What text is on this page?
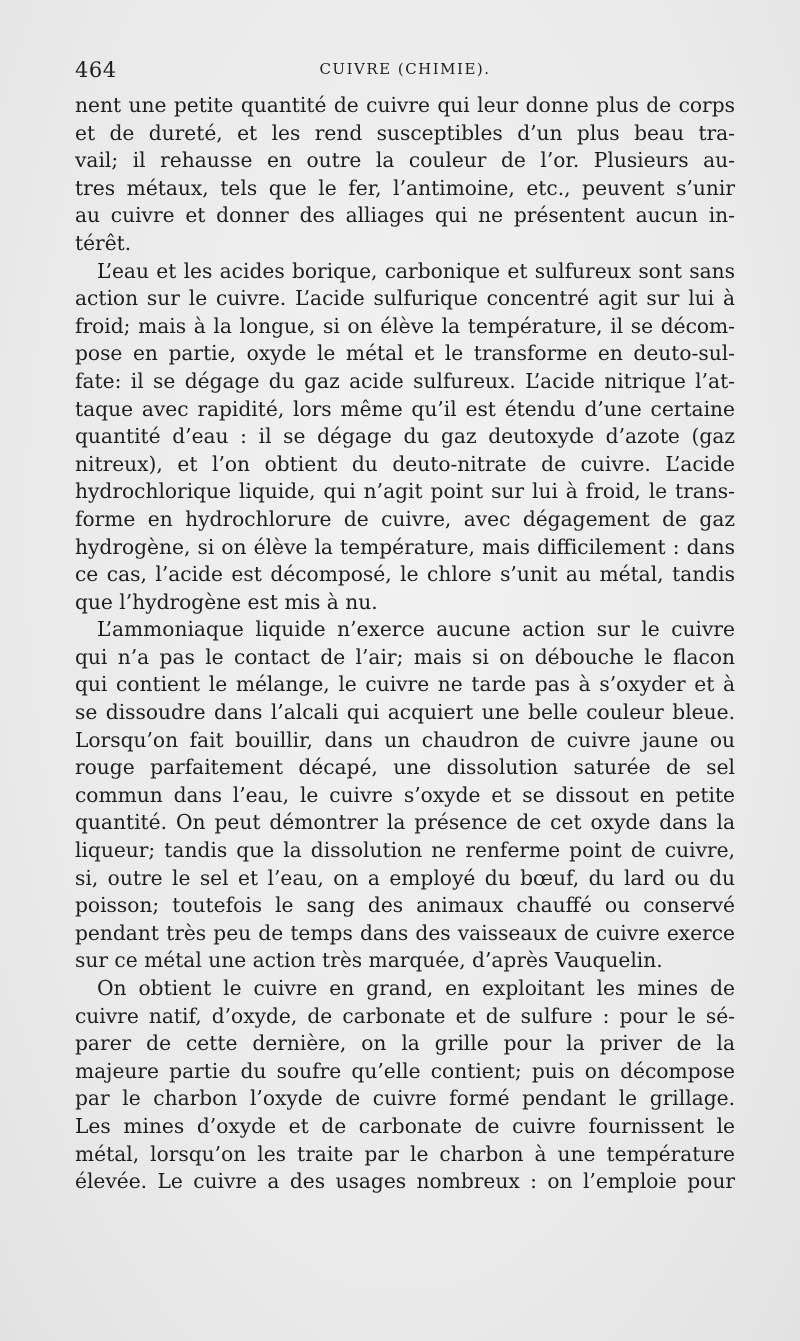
464	CUIVRE (CHIMIE).

nent une petite quantité de cuivre qui leur donne plus de corps
et de dureté, et les rend susceptibles d’un plus beau tra-
vail; il rehausse en outre la couleur de l’or. Plusieurs au-
tres métaux, tels que le fer, l’antimoine, etc., peuvent s’unir
au cuivre et donner des alliages qui ne présentent aucun in-
térêt.

L’eau et les acides borique, carbonique et sulfureux sont sans
action sur le cuivre. L’acide sulfurique concentré agit sur lui à
froid; mais à la longue, si on élève la température, il se décom-
pose en partie, oxyde le métal et le transforme en deuto-sul-
fate: il se dégage du gaz acide sulfureux. L’acide nitrique l’at-
taque avec rapidité, lors même qu’il est étendu d’une certaine
quantité d’eau : il se dégage du gaz deutoxyde d’azote (gaz
nitreux), et l’on obtient du deuto-nitrate de cuivre. L’acide
hydrochlorique liquide, qui n’agit point sur lui à froid, le trans-
forme en hydrochlorure de cuivre, avec dégagement de gaz
hydrogène, si on élève la température, mais difficilement : dans
ce cas, l’acide est décomposé, le chlore s’unit au métal, tandis
que l’hydrogène est mis à nu.

L’ammoniaque liquide n’exerce aucune action sur le cuivre
qui n’a pas le contact de l’air; mais si on débouche le flacon
qui contient le mélange, le cuivre ne tarde pas à s’oxyder et à
se dissoudre dans l’alcali qui acquiert une belle couleur bleue.
Lorsqu’on fait bouillir, dans un chaudron de cuivre jaune ou
rouge parfaitement décapé, une dissolution saturée de sel
commun dans l’eau, le cuivre s’oxyde et se dissout en petite
quantité. On peut démontrer la présence de cet oxyde dans la
liqueur; tandis que la dissolution ne renferme point de cuivre,
si, outre le sel et l’eau, on a employé du bœuf, du lard ou du
poisson; toutefois le sang des animaux chauffé ou conservé
pendant très peu de temps dans des vaisseaux de cuivre exerce
sur ce métal une action très marquée, d’après Vauquelin.

On obtient le cuivre en grand, en exploitant les mines de
cuivre natif, d’oxyde, de carbonate et de sulfure : pour le sé-
parer de cette dernière, on la grille pour la priver de la
majeure partie du soufre qu’elle contient; puis on décompose
par le charbon l’oxyde de cuivre formé pendant le grillage.
Les mines d’oxyde et de carbonate de cuivre fournissent le
métal, lorsqu’on les traite par le charbon à une température
élevée. Le cuivre a des usages nombreux : on l’emploie pour
